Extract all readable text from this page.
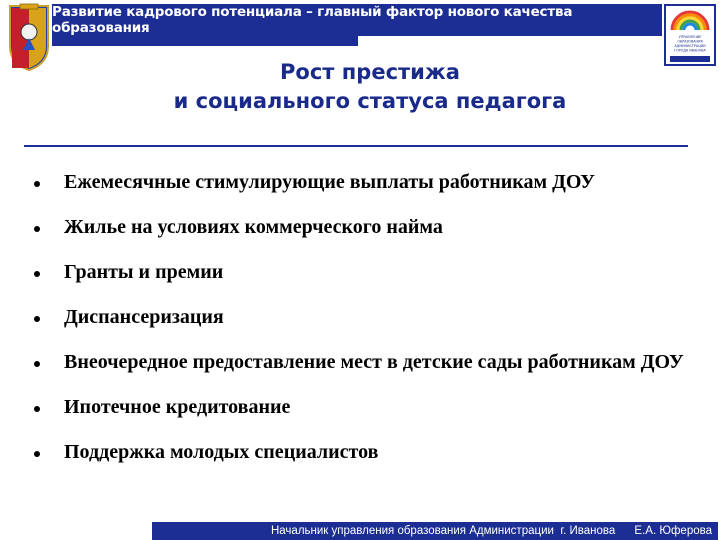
Развитие кадрового потенциала – главный фактор нового качества образования
УПРАВЛЕНИЕ
ОБРАЗОВАНИЯ
АДМИНИСТРАЦИИ
ГОРОДА ИВАНОВА
Рост престижа
и социального статуса педагога
Ежемесячные стимулирующие выплаты работникам ДОУ
Жилье на условиях коммерческого найма
Гранты и премии
Диспансеризация
Внеочередное предоставление мест в детские сады работникам ДОУ
Ипотечное кредитование
Поддержка молодых специалистов
Начальник управления образования Администрации  г. Иванова      Е.А. Юферова
